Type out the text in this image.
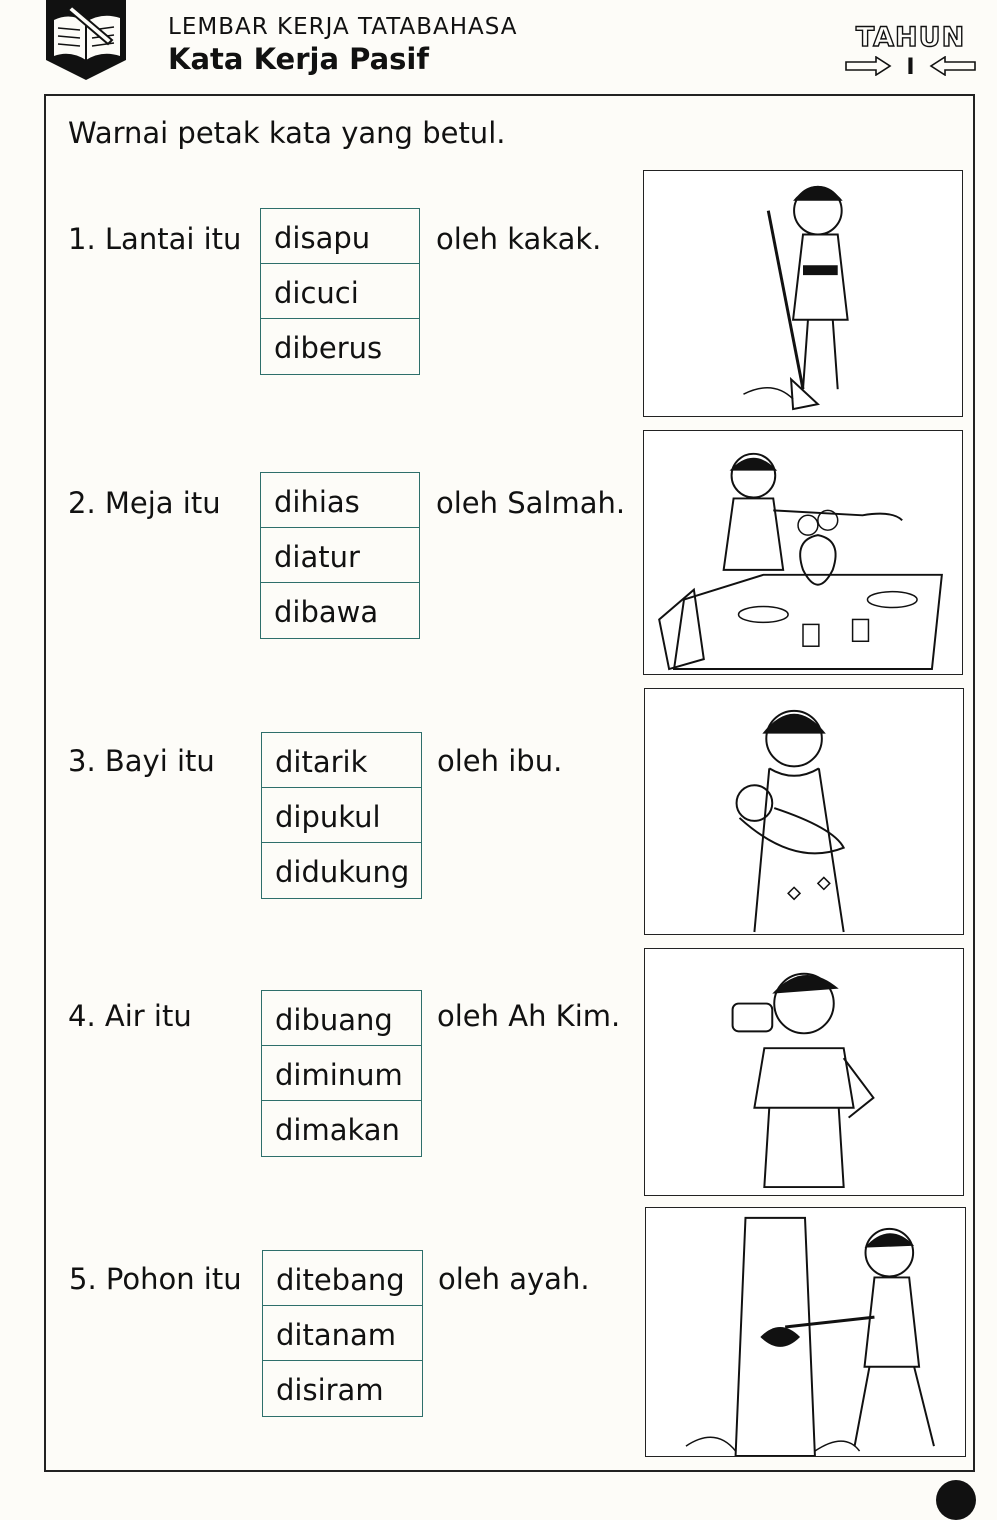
LEMBAR KERJA TATABAHASA
Kata Kerja Pasif
TAHUN
I
Warnai petak kata yang betul.
1. Lantai itu	disapu
dicuci
diberus
oleh kakak.
2. Meja itu	dihias
diatur
dibawa
oleh Salmah.
3. Bayi itu	ditarik
dipukul
didukung
oleh ibu.
4. Air itu	dibuang
diminum
dimakan
oleh Ah Kim.
5. Pohon itu	ditebang
ditanam
disiram
oleh ayah.
